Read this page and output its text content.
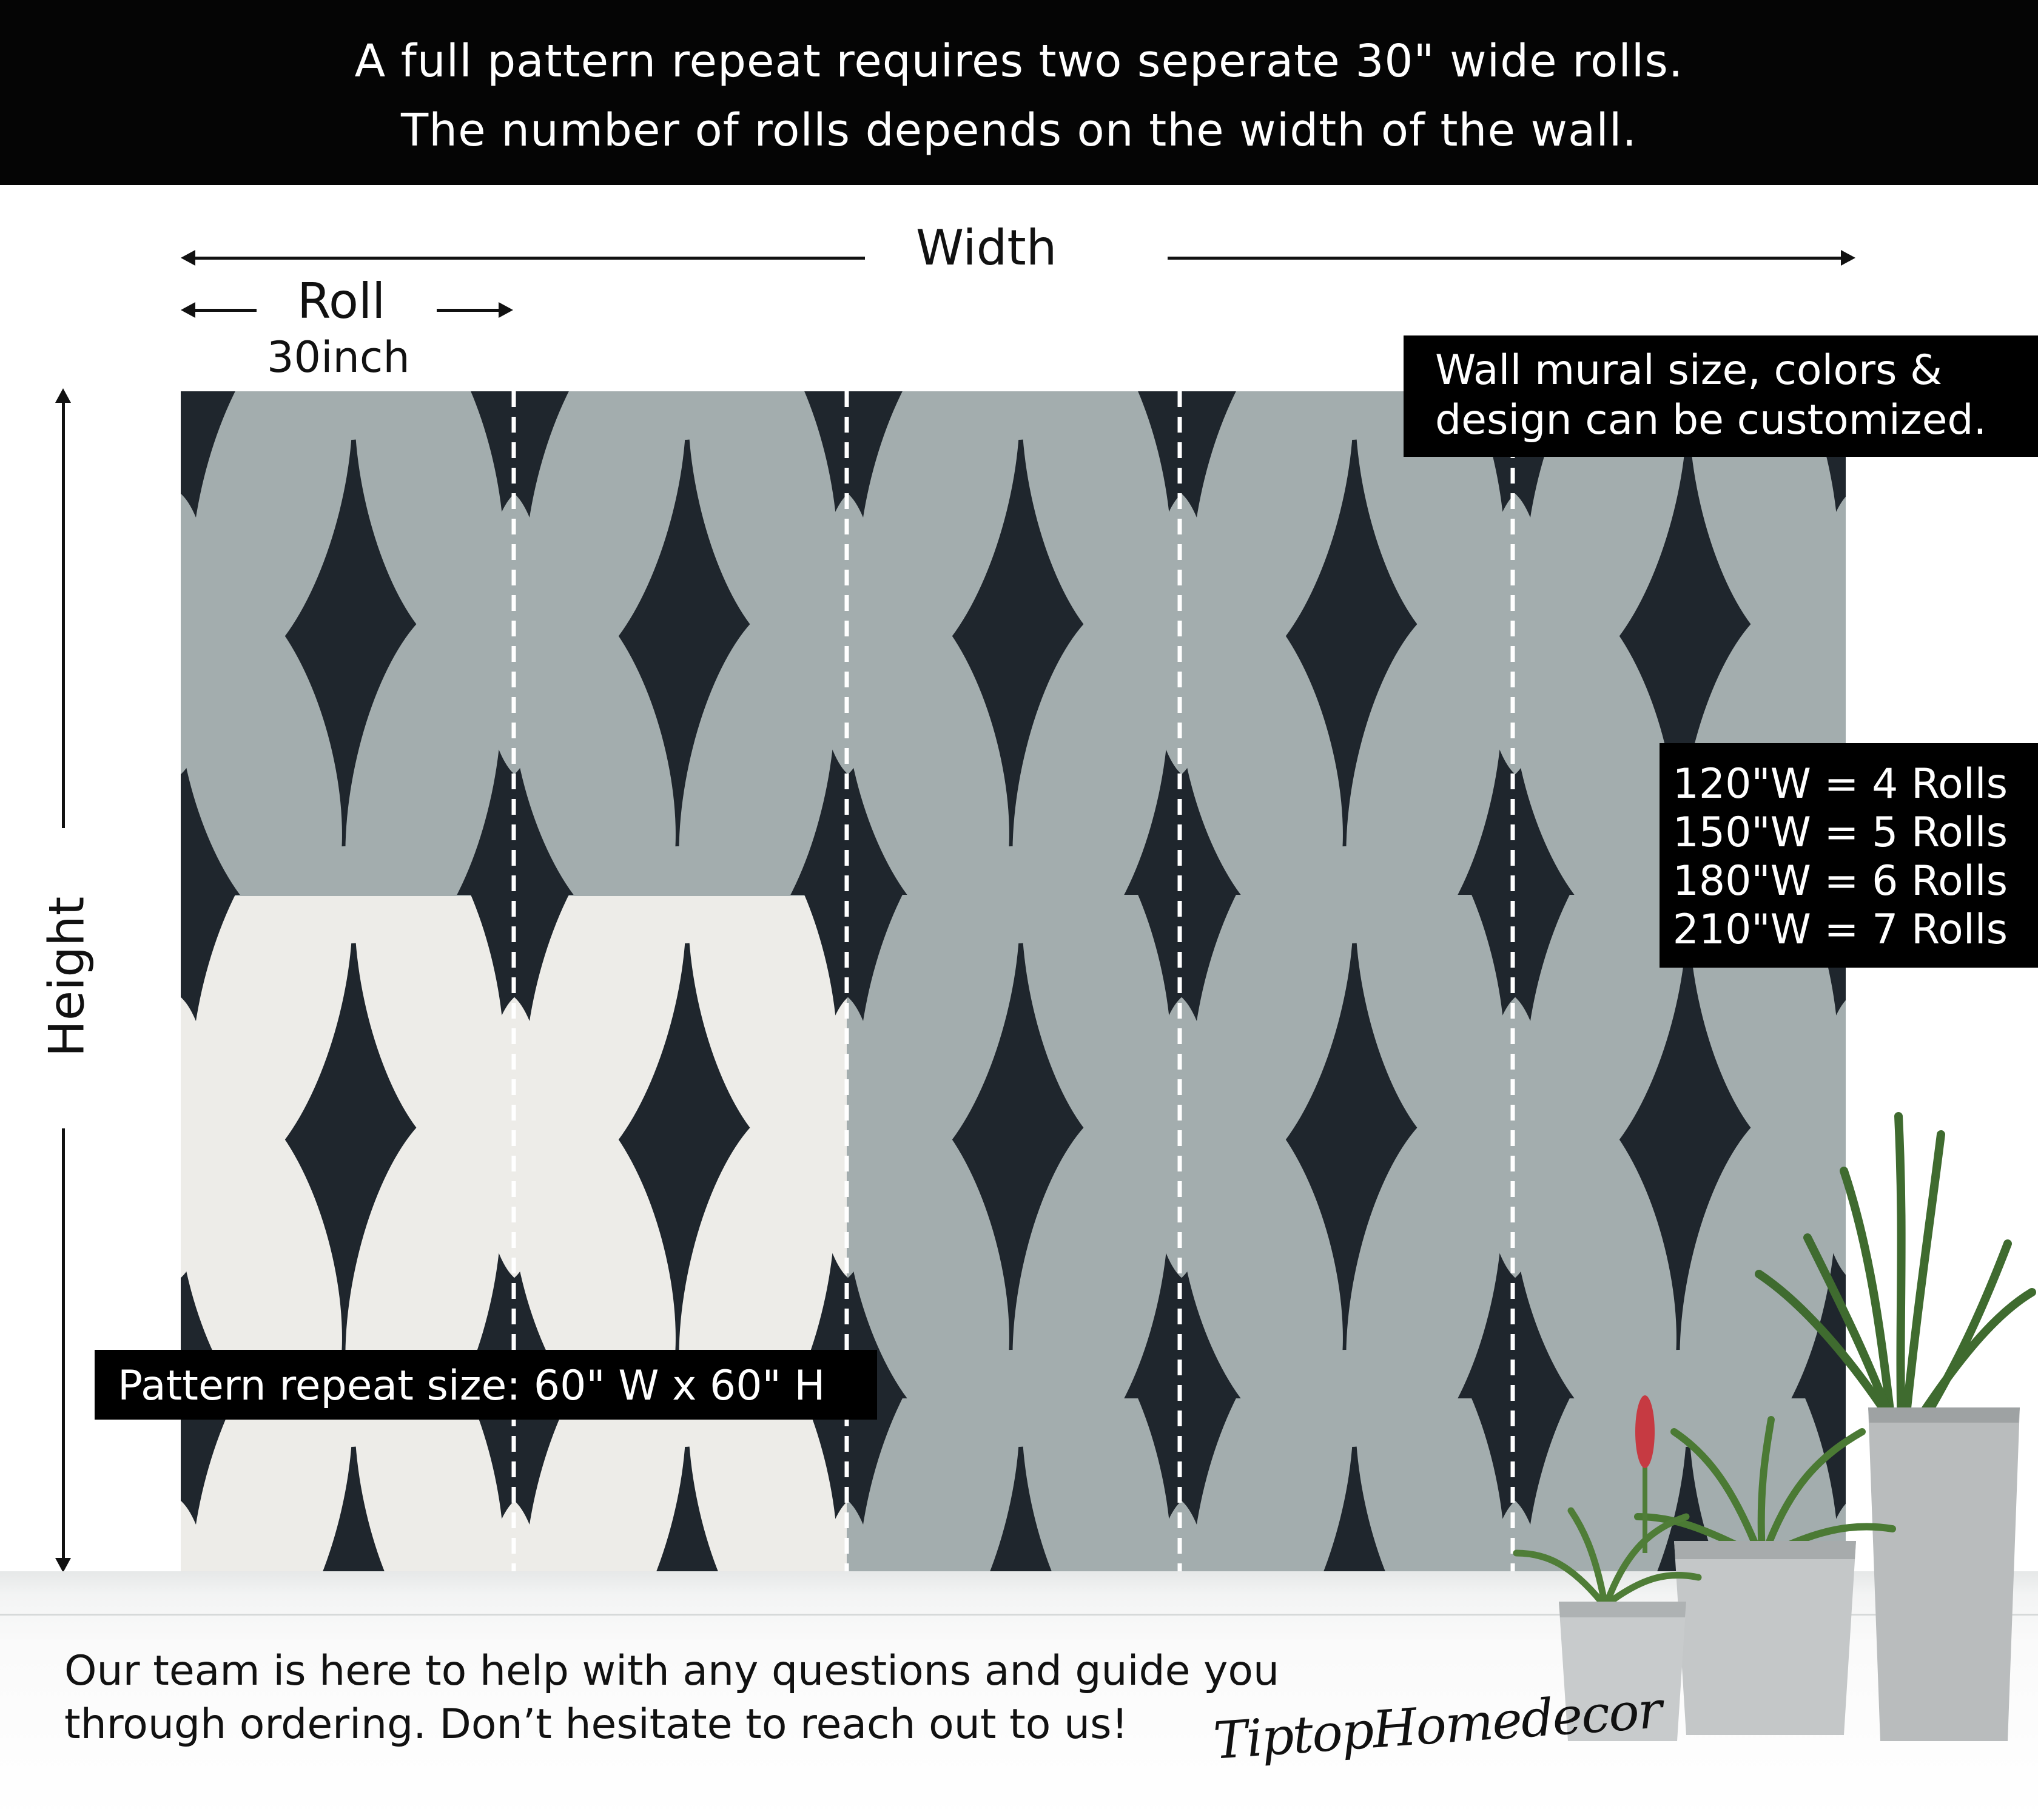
A full pattern repeat requires two seperate 30" wide rolls.
The number of rolls depends on the width of the wall.
Width
Roll
30inch
Height
Wall mural size, colors &
design can be customized.
120"W = 4 Rolls
150"W = 5 Rolls
180"W = 6 Rolls
210"W = 7 Rolls
Pattern repeat size: 60" W x 60" H
Our team is here to help with any questions and guide you
through ordering. Don’t hesitate to reach out to us! TiptopHomedecor
